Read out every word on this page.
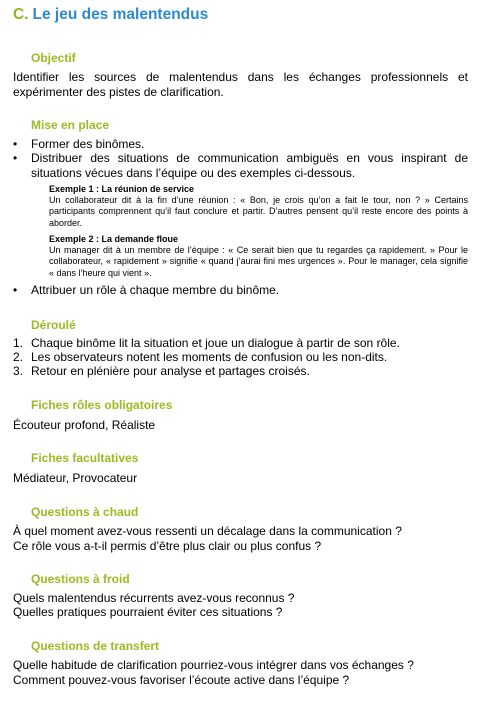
C. Le jeu des malentendus
Objectif

Identifier les sources de malentendus dans les échanges professionnels et expérimenter des pistes de clarification.

Mise en place
•	Former des binômes.
•	Distribuer des situations de communication ambiguës en vous inspirant de situations vécues dans l’équipe ou des exemples ci-dessous.
Exemple 1 : La réunion de service
Un collaborateur dit à la fin d’une réunion : « Bon, je crois qu’on a fait le tour, non ? » Certains participants comprennent qu’il faut conclure et partir. D’autres pensent qu’il reste encore des points à aborder.
Exemple 2 : La demande floue
Un manager dit à un membre de l’équipe : « Ce serait bien que tu regardes ça rapidement. » Pour le collaborateur, « rapidement » signifie « quand j’aurai fini mes urgences ». Pour le manager, cela signifie « dans l’heure qui vient ».
•	Attribuer un rôle à chaque membre du binôme.
Déroulé
1. Chaque binôme lit la situation et joue un dialogue à partir de son rôle.
2. Les observateurs notent les moments de confusion ou les non-dits.
3. Retour en plénière pour analyse et partages croisés.
Fiches rôles obligatoires
Écouteur profond, Réaliste
Fiches facultatives
Médiateur, Provocateur
Questions à chaud
À quel moment avez-vous ressenti un décalage dans la communication ?
Ce rôle vous a-t-il permis d’être plus clair ou plus confus ?
Questions à froid
Quels malentendus récurrents avez-vous reconnus ?
Quelles pratiques pourraient éviter ces situations ?
Questions de transfert
Quelle habitude de clarification pourriez-vous intégrer dans vos échanges ?
Comment pouvez-vous favoriser l’écoute active dans l’équipe ?
